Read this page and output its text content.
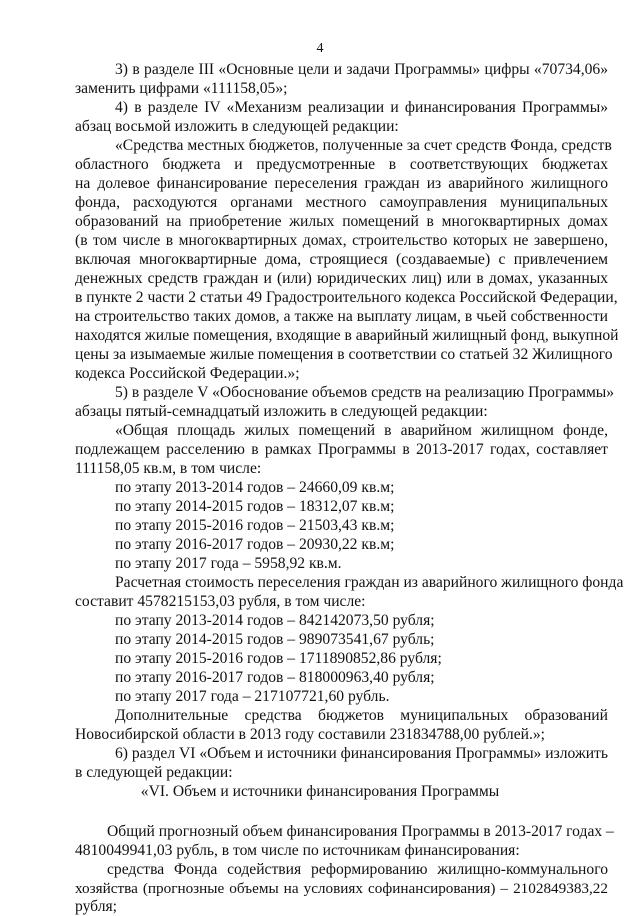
4
3) в разделе III «Основные цели и задачи Программы» цифры «70734,06»
заменить цифрами «111158,05»;
4) в разделе IV «Механизм реализации и финансирования Программы»
абзац восьмой изложить в следующей редакции:
«Средства местных бюджетов, полученные за счет средств Фонда, средств
областного бюджета и предусмотренные в соответствующих бюджетах
на долевое финансирование переселения граждан из аварийного жилищного
фонда, расходуются органами местного самоуправления муниципальных
образований на приобретение жилых помещений в многоквартирных домах
(в том числе в многоквартирных домах, строительство которых не завершено,
включая многоквартирные дома, строящиеся (создаваемые) с привлечением
денежных средств граждан и (или) юридических лиц) или в домах, указанных
в пункте 2 части 2 статьи 49 Градостроительного кодекса Российской Федерации,
на строительство таких домов, а также на выплату лицам, в чьей собственности
находятся жилые помещения, входящие в аварийный жилищный фонд, выкупной
цены за изымаемые жилые помещения в соответствии со статьей 32 Жилищного
кодекса Российской Федерации.»;
5) в разделе V «Обоснование объемов средств на реализацию Программы»
абзацы пятый-семнадцатый изложить в следующей редакции:
«Общая площадь жилых помещений в аварийном жилищном фонде,
подлежащем расселению в рамках Программы в 2013-2017 годах, составляет
111158,05 кв.м, в том числе:
по этапу 2013-2014 годов – 24660,09 кв.м;
по этапу 2014-2015 годов – 18312,07 кв.м;
по этапу 2015-2016 годов – 21503,43 кв.м;
по этапу 2016-2017 годов – 20930,22 кв.м;
по этапу 2017 года – 5958,92 кв.м.
Расчетная стоимость переселения граждан из аварийного жилищного фонда
составит 4578215153,03 рубля, в том числе:
по этапу 2013-2014 годов – 842142073,50 рубля;
по этапу 2014-2015 годов – 989073541,67 рубль;
по этапу 2015-2016 годов – 1711890852,86 рубля;
по этапу 2016-2017 годов – 818000963,40 рубля;
по этапу 2017 года – 217107721,60 рубль.
Дополнительные средства бюджетов муниципальных образований
Новосибирской области в 2013 году составили 231834788,00 рублей.»;
6) раздел VI «Объем и источники финансирования Программы» изложить
в следующей редакции:
«VI. Объем и источники финансирования Программы
Общий прогнозный объем финансирования Программы в 2013-2017 годах –
4810049941,03 рубль, в том числе по источникам финансирования:
средства Фонда содействия реформированию жилищно-коммунального
хозяйства (прогнозные объемы на условиях софинансирования) – 2102849383,22
рубля;
